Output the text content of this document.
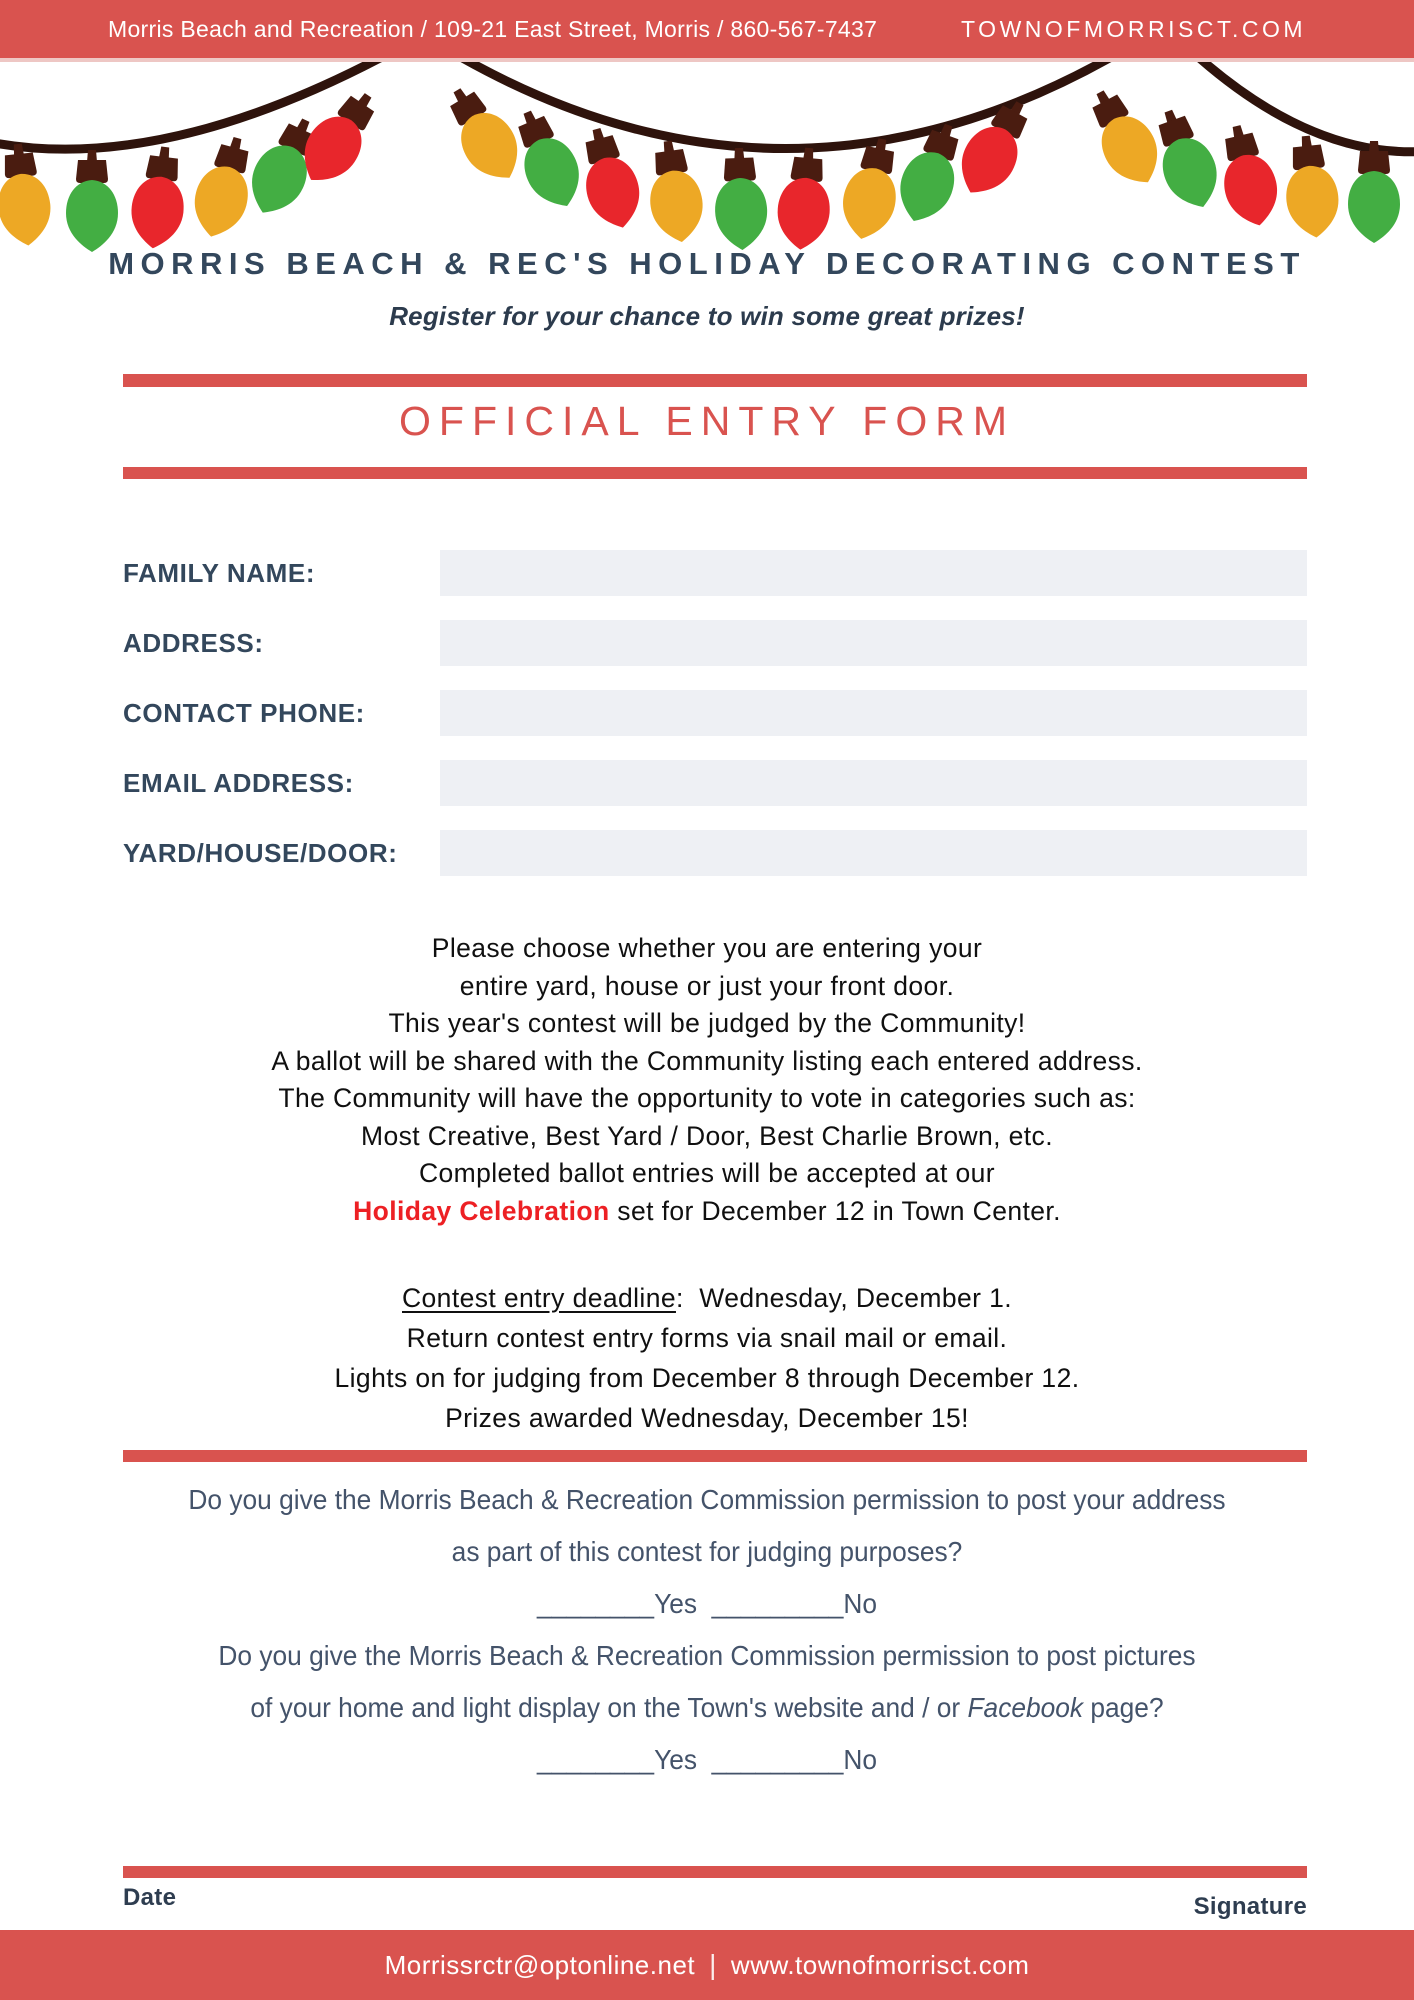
Morris Beach and Recreation / 109-21 East Street, Morris / 860-567-7437	TOWNOFMORRISCT.COM
MORRIS BEACH & REC'S HOLIDAY DECORATING CONTEST
Register for your chance to win some great prizes!
OFFICIAL ENTRY FORM
FAMILY NAME:
ADDRESS:
CONTACT PHONE:
EMAIL ADDRESS:
YARD/HOUSE/DOOR:
Please choose whether you are entering your
entire yard, house or just your front door.
This year's contest will be judged by the Community!
A ballot will be shared with the Community listing each entered address.
The Community will have the opportunity to vote in categories such as:
Most Creative, Best Yard / Door, Best Charlie Brown, etc.
Completed ballot entries will be accepted at our
Holiday Celebration set for December 12 in Town Center.
Contest entry deadline:  Wednesday, December 1.
Return contest entry forms via snail mail or email.
Lights on for judging from December 8 through December 12.
Prizes awarded Wednesday, December 15!
Do you give the Morris Beach & Recreation Commission permission to post your address
as part of this contest for judging purposes?
________Yes _________No
Do you give the Morris Beach & Recreation Commission permission to post pictures
of your home and light display on the Town's website and / or Facebook page?
________Yes _________No
Date	Signature
Morrissrctr@optonline.net | www.townofmorrisct.com
